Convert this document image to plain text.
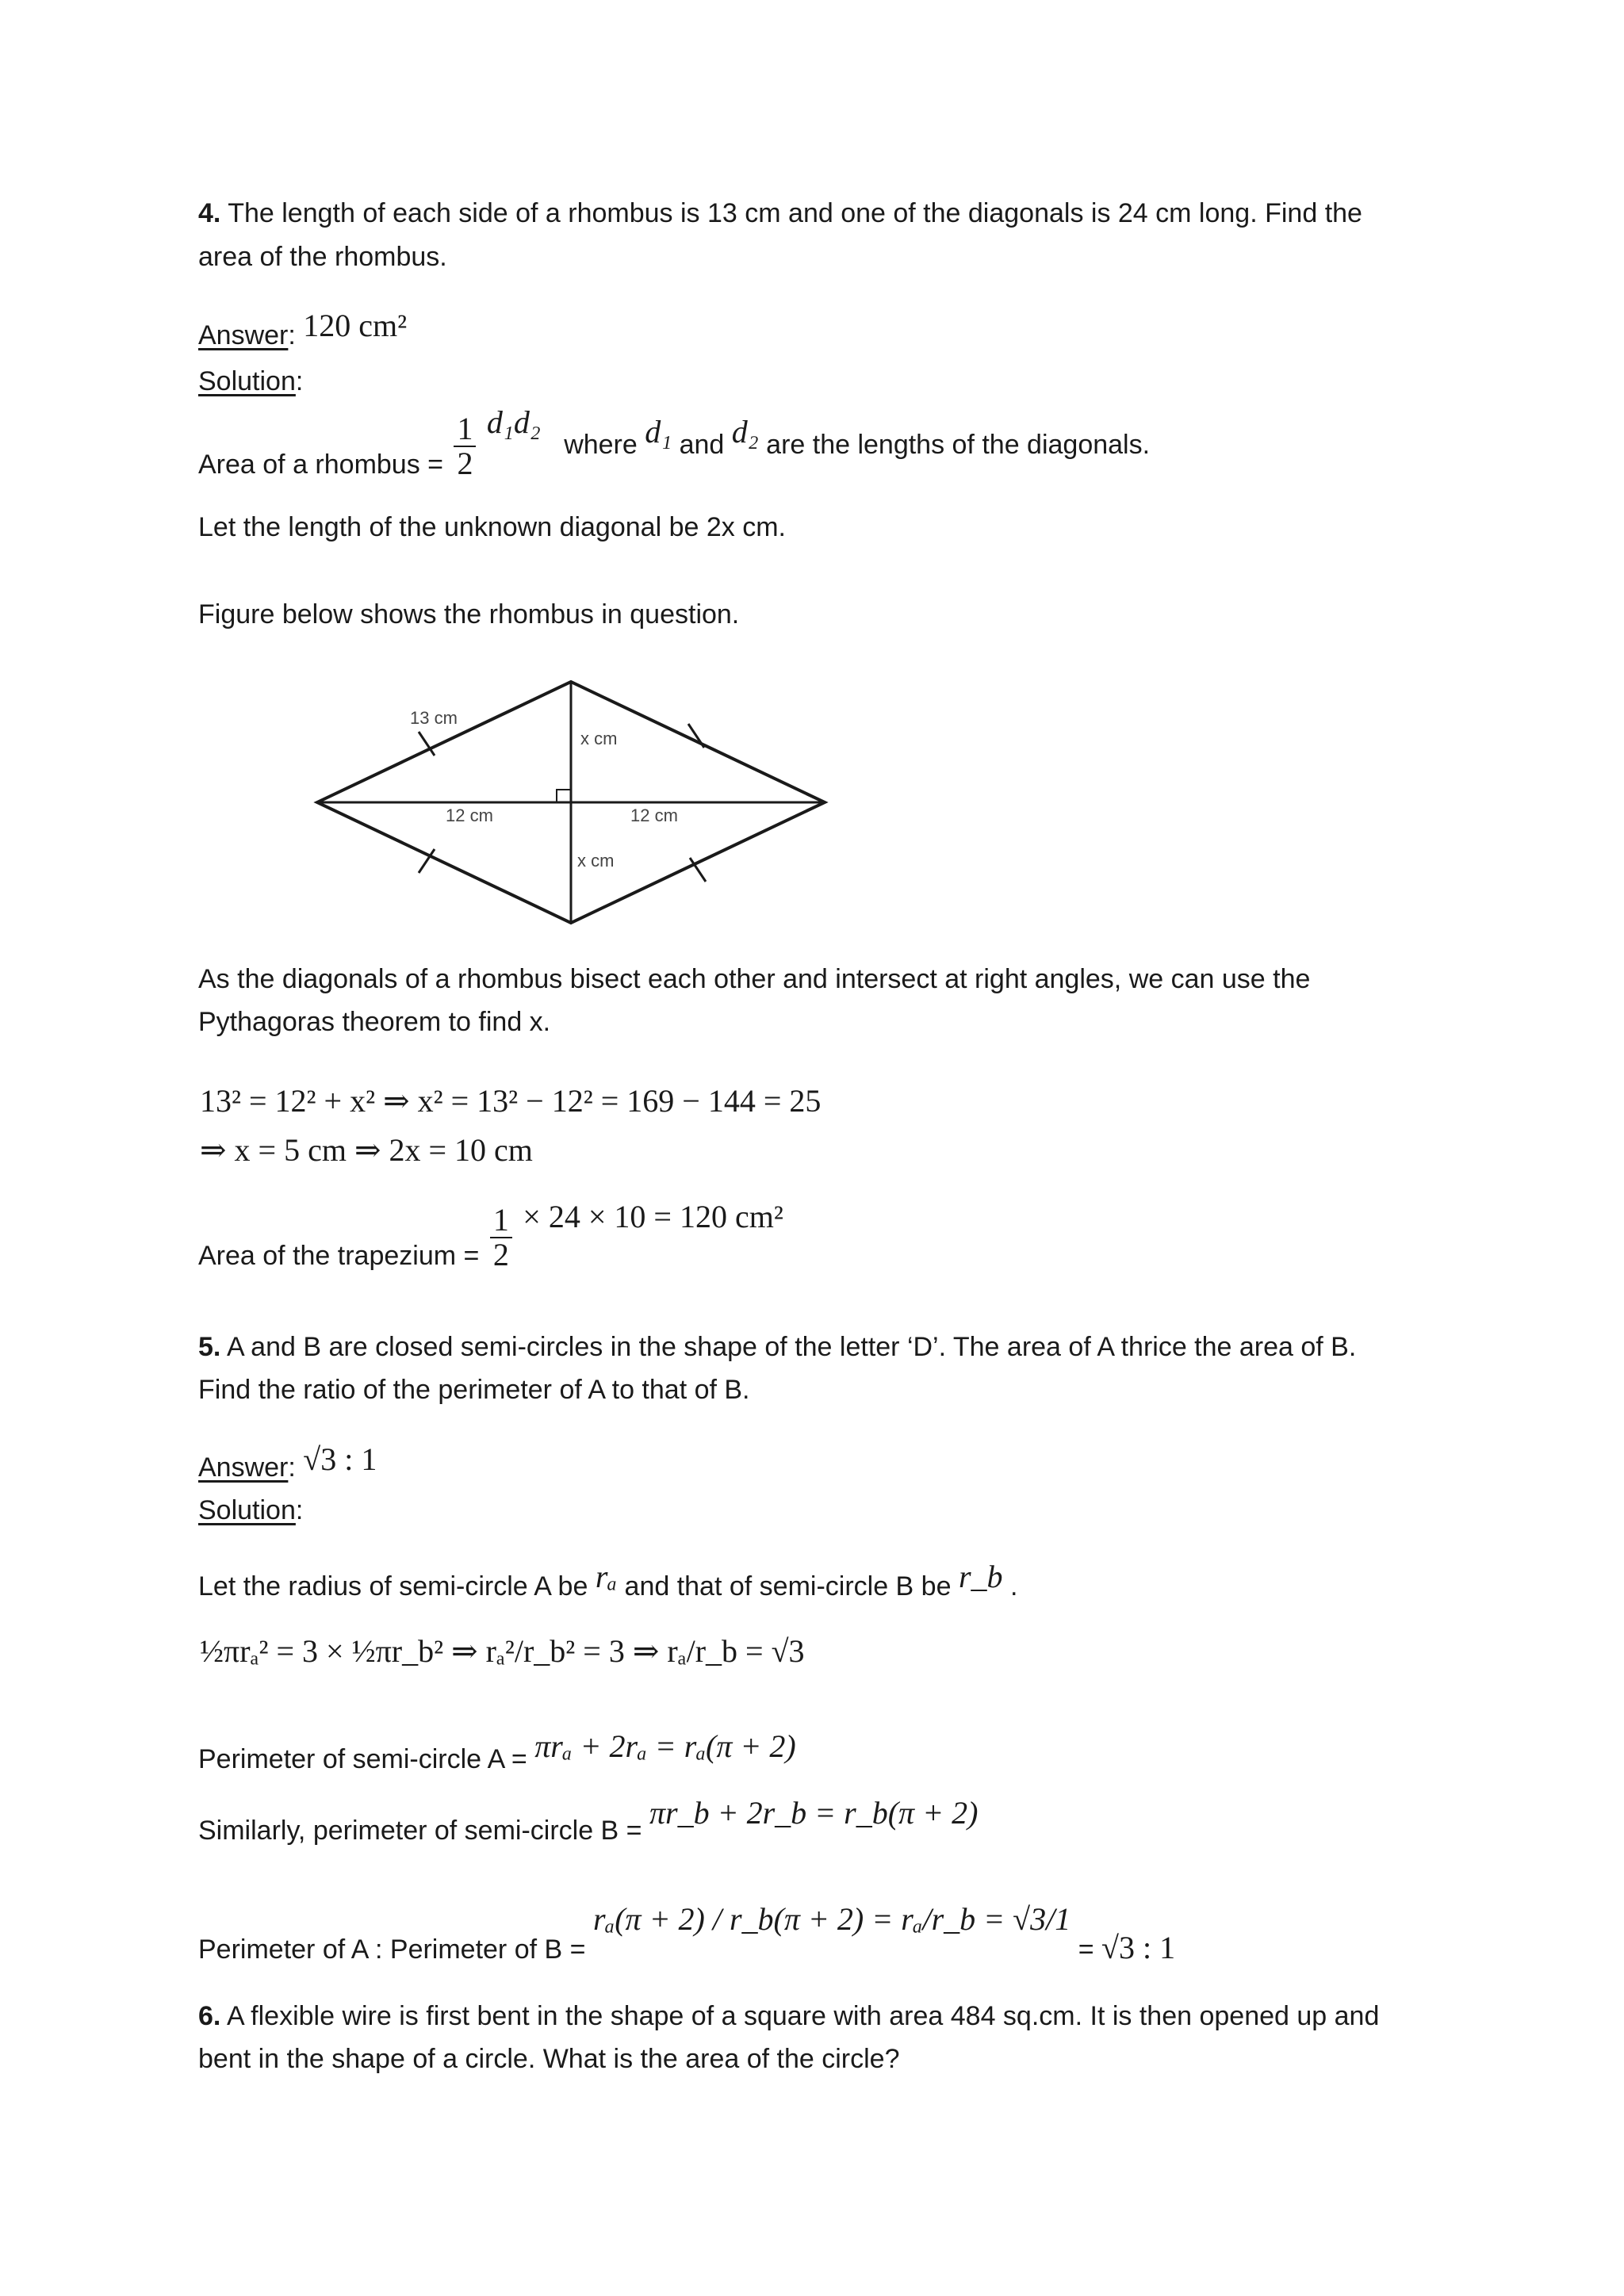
4. The length of each side of a rhombus is 13 cm and one of the diagonals is 24 cm long. Find the
area of the rhombus.
Answer: 120 cm²
Solution:
Area of a rhombus = $\frac{1}{2} d_1d_2$ where d₁ and d₂ are the lengths of the diagonals.
Let the length of the unknown diagonal be 2x cm.
Figure below shows the rhombus in question.
13 cm
12 cm	12 cm
x cm
x cm
As the diagonals of a rhombus bisect each other and intersect at right angles, we can use the
Pythagoras theorem to find x.
13² = 12² + x² ⇒ x² = 13² − 12² = 169 − 144 = 25
⇒ x = 5 cm ⇒ 2x = 10 cm
Area of the trapezium = $\frac{1}{2} \times 24 \times 10 = 120$ cm²
5. A and B are closed semi-circles in the shape of the letter ‘D’. The area of A thrice the area of B.
Find the ratio of the perimeter of A to that of B.
Answer: √3 : 1
Solution:
Let the radius of semi-circle A be rₐ and that of semi-circle B be r_b .
½πrₐ² = 3 × ½πr_b² ⇒ rₐ²/r_b² = 3 ⇒ rₐ/r_b = √3
Perimeter of semi-circle A = πrₐ + 2rₐ = rₐ(π + 2)
Similarly, perimeter of semi-circle B = πr_b + 2r_b = r_b(π + 2)
Perimeter of A : Perimeter of B = rₐ(π + 2) / r_b(π + 2) = rₐ/r_b = √3/1 = √3 : 1
6. A flexible wire is first bent in the shape of a square with area 484 sq.cm. It is then opened up and
bent in the shape of a circle. What is the area of the circle?
